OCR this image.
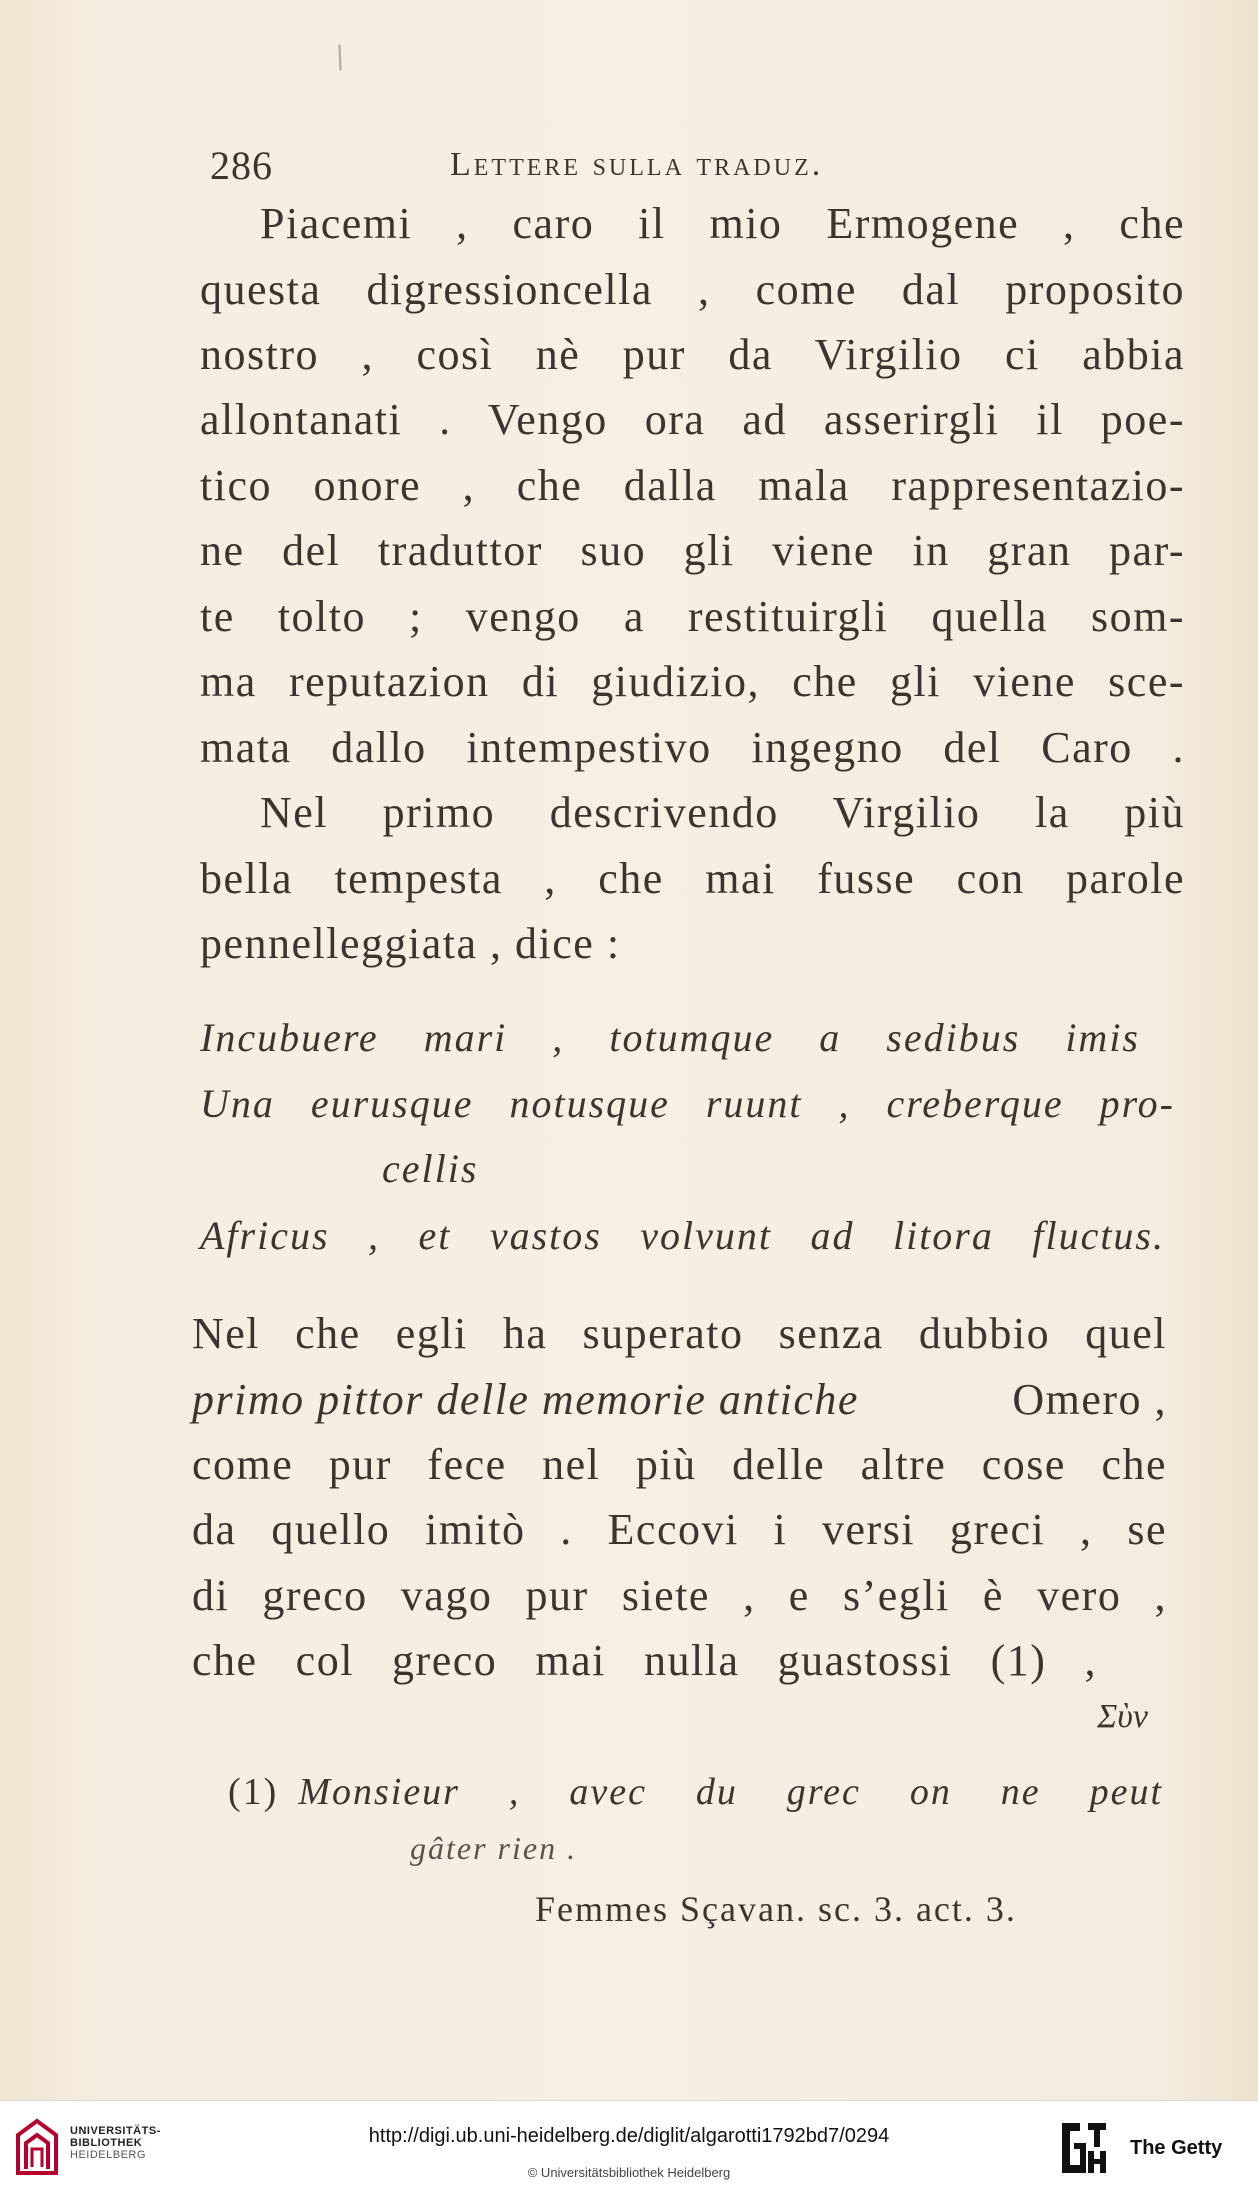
/
286	Lettere sulla traduz.
Piacemi , caro il mio Ermogene , che
questa digressioncella , come dal proposito
nostro , così nè pur da Virgilio ci abbia
allontanati . Vengo ora ad asserirgli il poe-
tico onore , che dalla mala rappresentazio-
ne del traduttor suo gli viene in gran par-
te tolto ; vengo a restituirgli quella som-
ma reputazion di giudizio, che gli viene sce-
mata dallo intempestivo ingegno del Caro .
Nel primo descrivendo Virgilio la più
bella tempesta , che mai fusse con parole
pennelleggiata , dice :
Incubuere mari , totumque a sedibus imis
Una eurusque notusque ruunt , creberque pro-
cellis
Africus , et vastos volvunt ad litora fluctus.
Nel che egli ha superato senza dubbio quel
primo pittor delle memorie antiche	Omero ,
come pur fece nel più delle altre cose che
da quello imitò . Eccovi i versi greci , se
di greco vago pur siete , e s’egli è vero ,
che col greco mai nulla guastossi (1) ,
Σὺν
(1) Monsieur , avec du grec on ne peut
gâter rien .
Femmes Sçavan. sc. 3. act. 3.
UNIVERSITÄTS-
BIBLIOTHEK
HEIDELBERG
http://digi.ub.uni-heidelberg.de/diglit/algarotti1792bd7/0294
© Universitätsbibliothek Heidelberg
The Getty
